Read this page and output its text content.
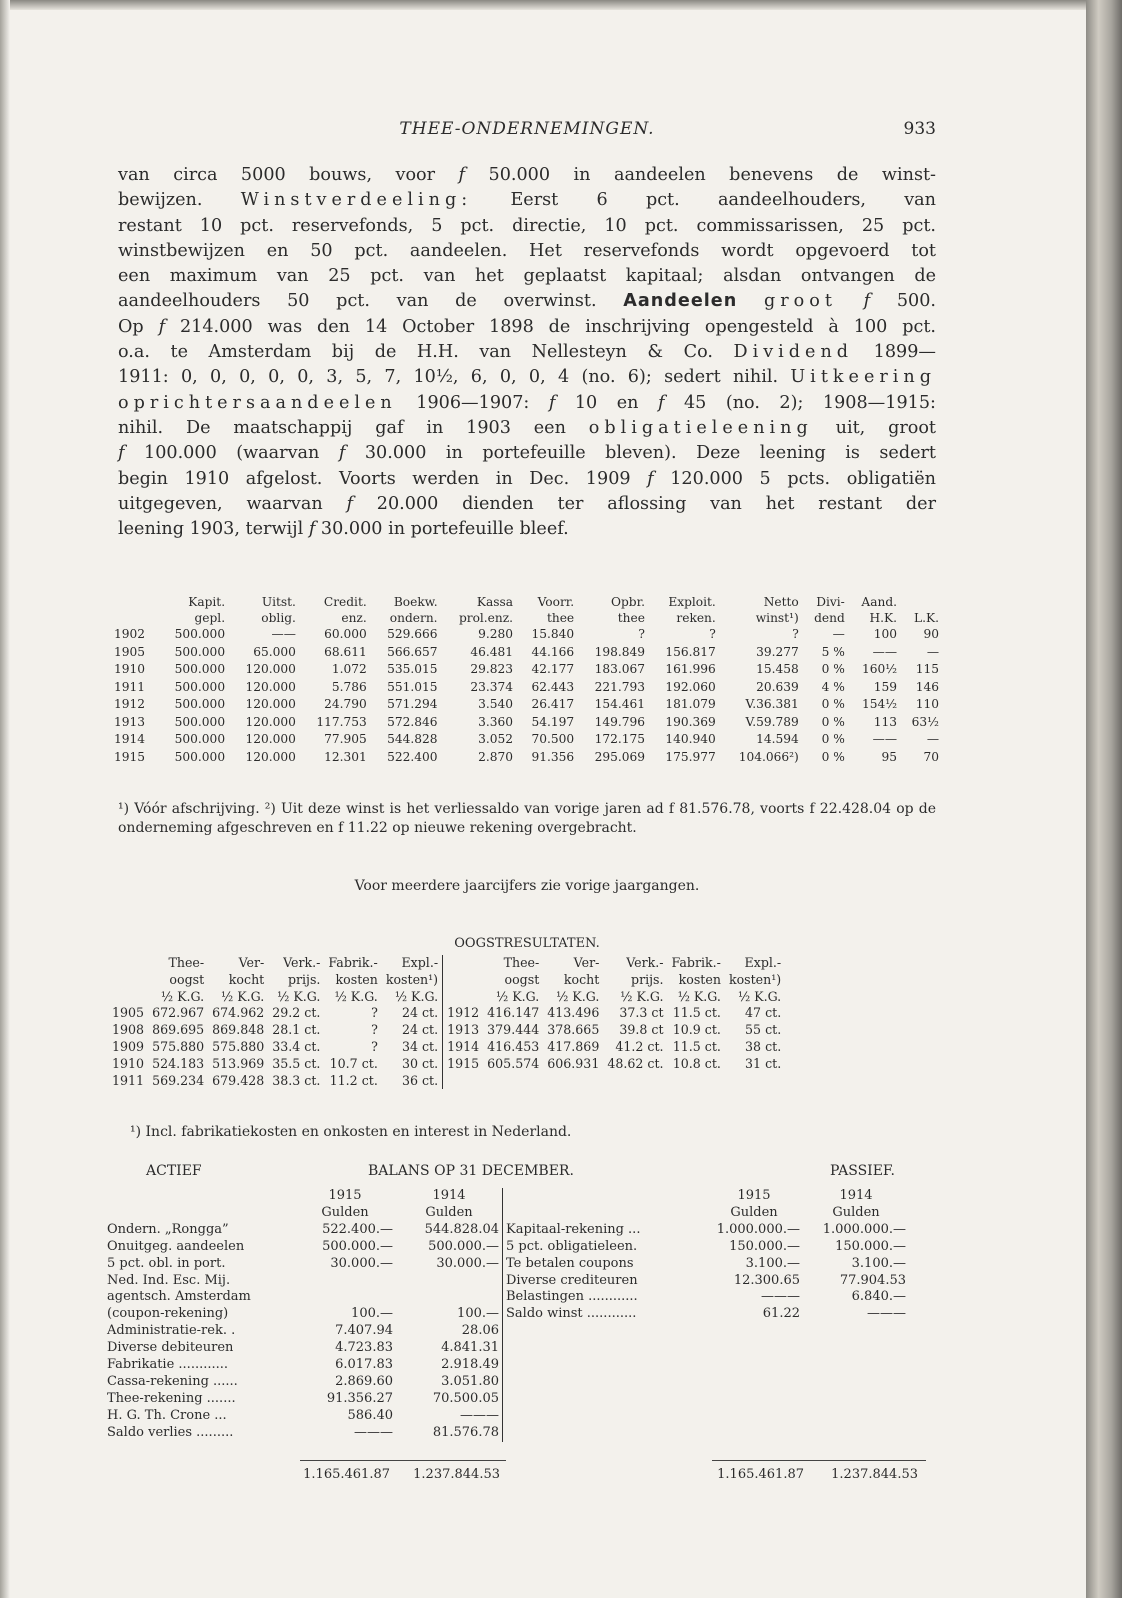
THEE-ONDERNEMINGEN.	933

van circa 5000 bouws, voor f 50.000 in aandeelen benevens de winst-

bewijzen. Winstverdeeling: Eerst 6 pct. aandeelhouders, van

restant 10 pct. reservefonds, 5 pct. directie, 10 pct. commissarissen, 25 pct.

winstbewijzen en 50 pct. aandeelen. Het reservefonds wordt opgevoerd tot

een maximum van 25 pct. van het geplaatst kapitaal; alsdan ontvangen de

aandeelhouders 50 pct. van de overwinst. Aandeelen groot f 500.

Op f 214.000 was den 14 October 1898 de inschrijving opengesteld à 100 pct.

o.a. te Amsterdam bij de H.H. van Nellesteyn & Co. Dividend 1899—

1911: 0, 0, 0, 0, 0, 3, 5, 7, 10½, 6, 0, 0, 4 (no. 6); sedert nihil. Uitkeering

oprichtersaandeelen 1906—1907: f 10 en f 45 (no. 2); 1908—1915:

nihil. De maatschappij gaf in 1903 een obligatieleening uit, groot

f 100.000 (waarvan f 30.000 in portefeuille bleven). Deze leening is sedert

begin 1910 afgelost. Voorts werden in Dec. 1909 f 120.000 5 pcts. obligatiën

uitgegeven, waarvan f 20.000 dienden ter aflossing van het restant der

leening 1903, terwijl f 30.000 in portefeuille bleef.

	Kapit.	Uitst.	Credit.	Boekw.	Kassa	Voorr.	Opbr.	Exploit.	Netto	Divi-	Aand.	
	gepl.	oblig.	enz.	ondern.	prol.enz.	thee	thee	reken.	winst¹)	dend	H.K.	L.K.
1902	500.000	——	60.000	529.666	9.280	15.840	?	?	?	—	100	90
1905	500.000	65.000	68.611	566.657	46.481	44.166	198.849	156.817	39.277	5 %	——	—
1910	500.000	120.000	1.072	535.015	29.823	42.177	183.067	161.996	15.458	0 %	160½	115
1911	500.000	120.000	5.786	551.015	23.374	62.443	221.793	192.060	20.639	4 %	159	146
1912	500.000	120.000	24.790	571.294	3.540	26.417	154.461	181.079	V.36.381	0 %	154½	110
1913	500.000	120.000	117.753	572.846	3.360	54.197	149.796	190.369	V.59.789	0 %	113	63½
1914	500.000	120.000	77.905	544.828	3.052	70.500	172.175	140.940	14.594	0 %	——	—
1915	500.000	120.000	12.301	522.400	2.870	91.356	295.069	175.977	104.066²)	0 %	95	70

¹) Vóór afschrijving. ²) Uit deze winst is het verliessaldo van vorige jaren ad f 81.576.78, voorts f 22.428.04 op de onderneming afgeschreven en f 11.22 op nieuwe rekening overgebracht.

Voor meerdere jaarcijfers zie vorige jaargangen.
OOGSTRESULTATEN.
	Thee-	Ver-	Verk.-	Fabrik.-	Expl.-		Thee-	Ver-	Verk.-	Fabrik.-	Expl.-
	oogst	kocht	prijs.	kosten	kosten¹)		oogst	kocht	prijs.	kosten	kosten¹)
	½ K.G.	½ K.G.	½ K.G.	½ K.G.	½ K.G.		½ K.G.	½ K.G.	½ K.G.	½ K.G.	½ K.G.
1905	672.967	674.962	29.2 ct.	?	24 ct.	1912	416.147	413.496	37.3 ct	11.5 ct.	47 ct.
1908	869.695	869.848	28.1 ct.	?	24 ct.	1913	379.444	378.665	39.8 ct	10.9 ct.	55 ct.
1909	575.880	575.880	33.4 ct.	?	34 ct.	1914	416.453	417.869	41.2 ct.	11.5 ct.	38 ct.
1910	524.183	513.969	35.5 ct.	10.7 ct.	30 ct.	1915	605.574	606.931	48.62 ct.	10.8 ct.	31 ct.
1911	569.234	679.428	38.3 ct.	11.2 ct.	36 ct.						
¹) Incl. fabrikatiekosten en onkosten en interest in Nederland.
ACTIEF	BALANS OP 31 DECEMBER.	PASSIEF.
	1915	1914		1915	1914
	Gulden	Gulden		Gulden	Gulden
Ondern. „Rongga”	522.400.—	544.828.04	Kapitaal-rekening ...	1.000.000.—	1.000.000.—
Onuitgeg. aandeelen	500.000.—	500.000.—	5 pct. obligatieleen.	150.000.—	150.000.—
5 pct. obl. in port.	30.000.—	30.000.—	Te betalen coupons	3.100.—	3.100.—
Ned. Ind. Esc. Mij.			Diverse crediteuren	12.300.65	77.904.53
agentsch. Amsterdam			Belastingen ............	———	6.840.—
(coupon-rekening)	100.—	100.—	Saldo winst ............	61.22	———
Administratie-rek. .	7.407.94	28.06			
Diverse debiteuren	4.723.83	4.841.31			
Fabrikatie ............	6.017.83	2.918.49			
Cassa-rekening ......	2.869.60	3.051.80			
Thee-rekening .......	91.356.27	70.500.05			
H. G. Th. Crone ...	586.40	———			
Saldo verlies .........	———	81.576.78			
1.165.461.87	1.237.844.53	1.165.461.87	1.237.844.53
